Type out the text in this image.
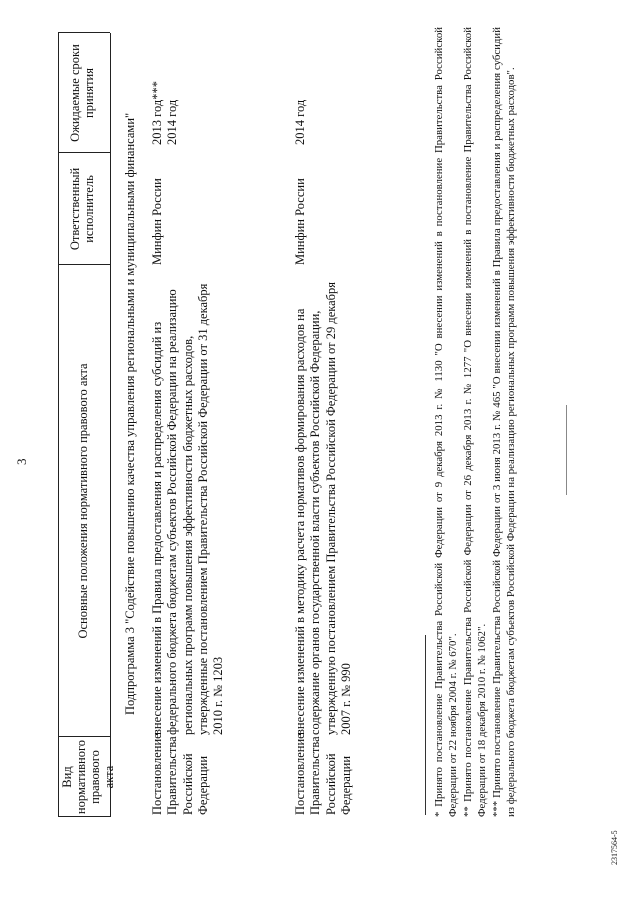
3
Вид нормативного правового акта
Основные положения нормативного правового акта
Ответственный исполнитель
Ожидаемые сроки принятия
Подпрограмма 3 "Содействие повышению качества управления региональными и муниципальными финансами"
Постановление Правительства Российской Федерации
внесение изменений в Правила предоставления и распределения субсидий из федерального бюджета бюджетам субъектов Российской Федерации на реализацию региональных программ повышения эффективности бюджетных расходов, утвержденные постановлением Правительства Российской Федерации от 31 декабря 2010 г. № 1203
Минфин России
2013 год*** 2014 год
Постановление Правительства Российской Федерации
внесение изменений в методику расчета нормативов формирования расходов на содержание органов государственной власти субъектов Российской Федерации, утвержденную постановлением Правительства Российской Федерации от 29 декабря 2007 г. № 990
Минфин России
2014 год	* Принято постановление Правительства Российской Федерации от 9 декабря 2013 г. № 1130 "О внесении изменений в постановление Правительства Российской Федерации от 22 ноября 2004 г. № 670". ** Принято постановление Правительства Российской Федерации от 26 декабря 2013 г. № 1277 "О внесении изменений в постановление Правительства Российской Федерации от 18 декабря 2010 г. № 1062". *** Принято постановление Правительства Российской Федерации от 3 июня 2013 г. № 465 "О внесении изменений в Правила предоставления и распределения субсидий из федерального бюджета бюджетам субъектов Российской Федерации на реализацию региональных программ повышения эффективности бюджетных расходов".

2317564-5
